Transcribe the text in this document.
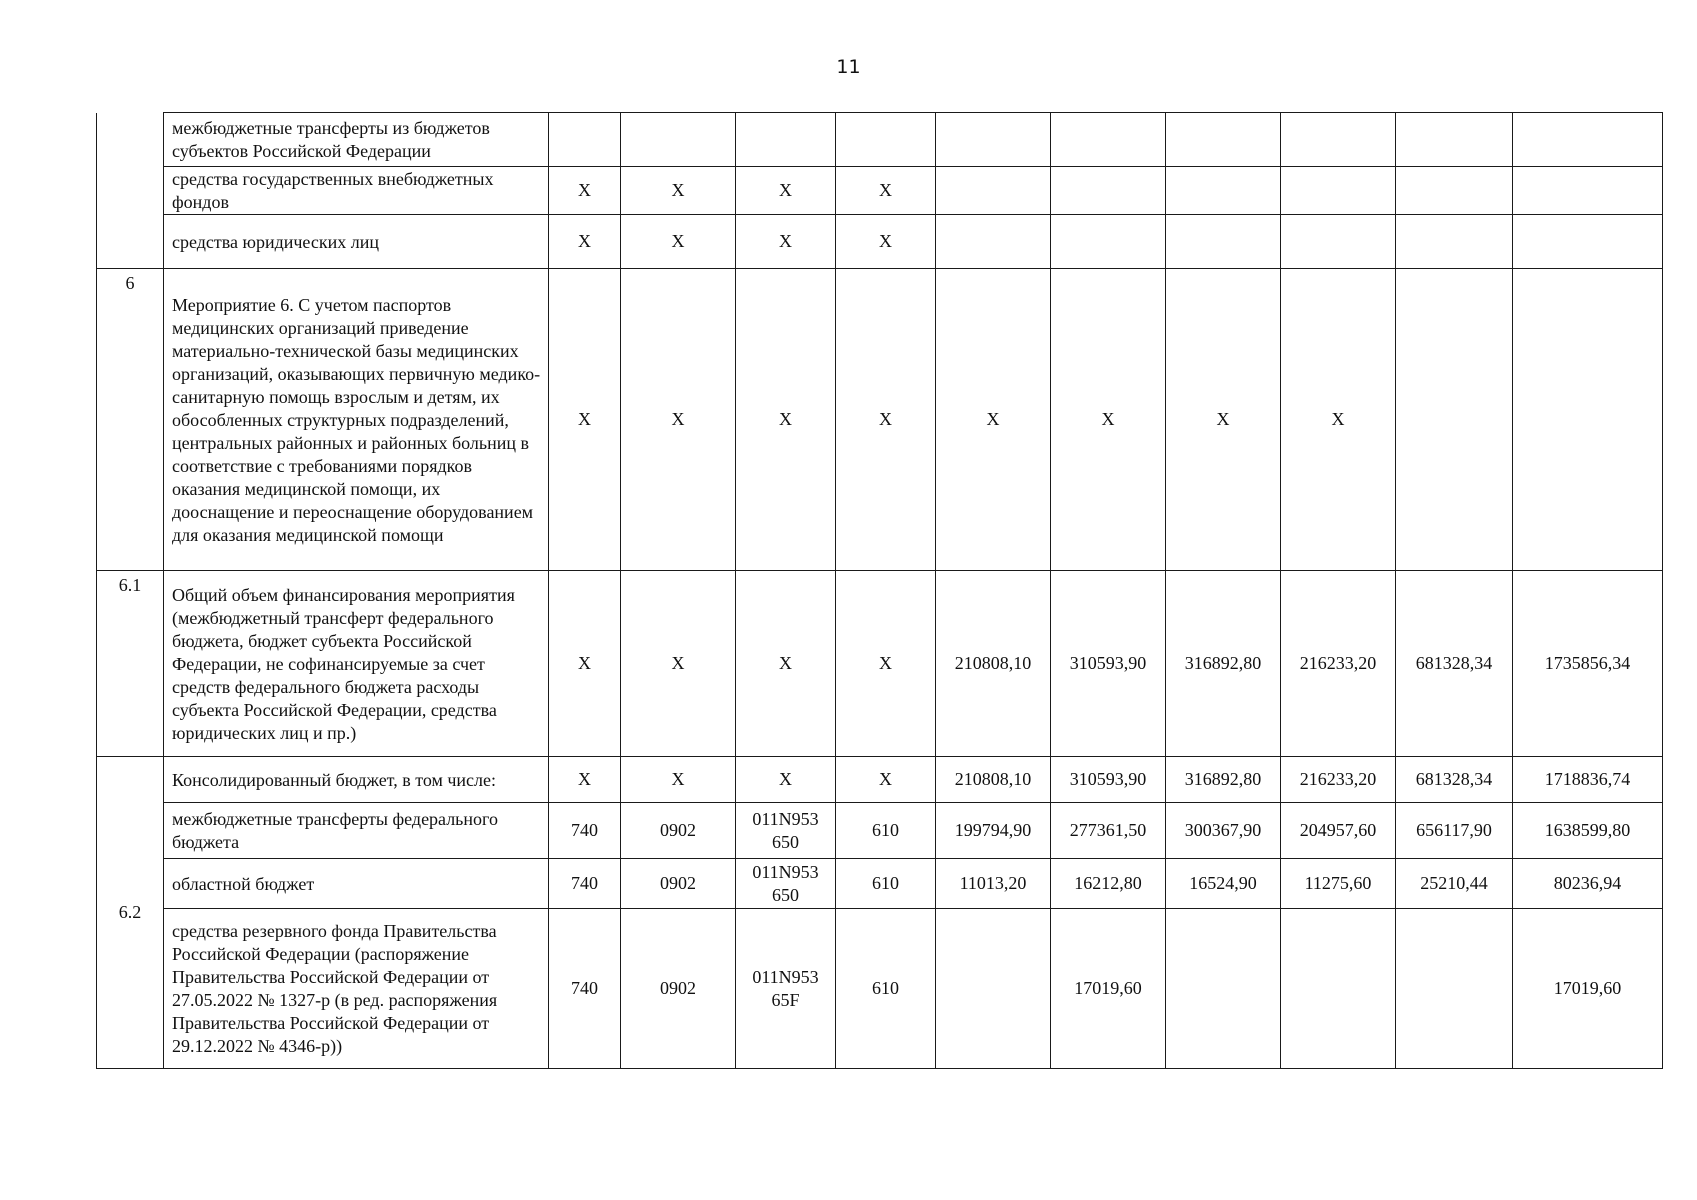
11
	межбюджетные трансферты из бюджетов субъектов Российской Федерации										
	средства государственных внебюджетных фондов	X	X	X	X						
	средства юридических лиц	X	X	X	X						
6	Мероприятие 6. С учетом паспортов медицинских организаций приведение материально-технической базы медицинских организаций, оказывающих первичную медико-санитарную помощь взрослым и детям, их обособленных структурных подразделений, центральных районных и районных больниц в соответствие с требованиями порядков оказания медицинской помощи, их дооснащение и переоснащение оборудованием для оказания медицинской помощи	X	X	X	X	X	X	X	X		
6.1	Общий объем финансирования мероприятия (межбюджетный трансферт федерального бюджета, бюджет субъекта Российской Федерации, не софинансируемые за счет средств федерального бюджета расходы субъекта Российской Федерации, средства юридических лиц и пр.)	X	X	X	X	210808,10	310593,90	316892,80	216233,20	681328,34	1735856,34
6.2	Консолидированный бюджет, в том числе:	X	X	X	X	210808,10	310593,90	316892,80	216233,20	681328,34	1718836,74
	межбюджетные трансферты федерального бюджета	740	0902	011N953 650	610	199794,90	277361,50	300367,90	204957,60	656117,90	1638599,80
	областной бюджет	740	0902	011N953 650	610	11013,20	16212,80	16524,90	11275,60	25210,44	80236,94
	средства резервного фонда Правительства Российской Федерации (распоряжение Правительства Российской Федерации от 27.05.2022 № 1327-р (в ред. распоряжения Правительства Российской Федерации от 29.12.2022 № 4346-р))	740	0902	011N953 65F	610		17019,60				17019,60
